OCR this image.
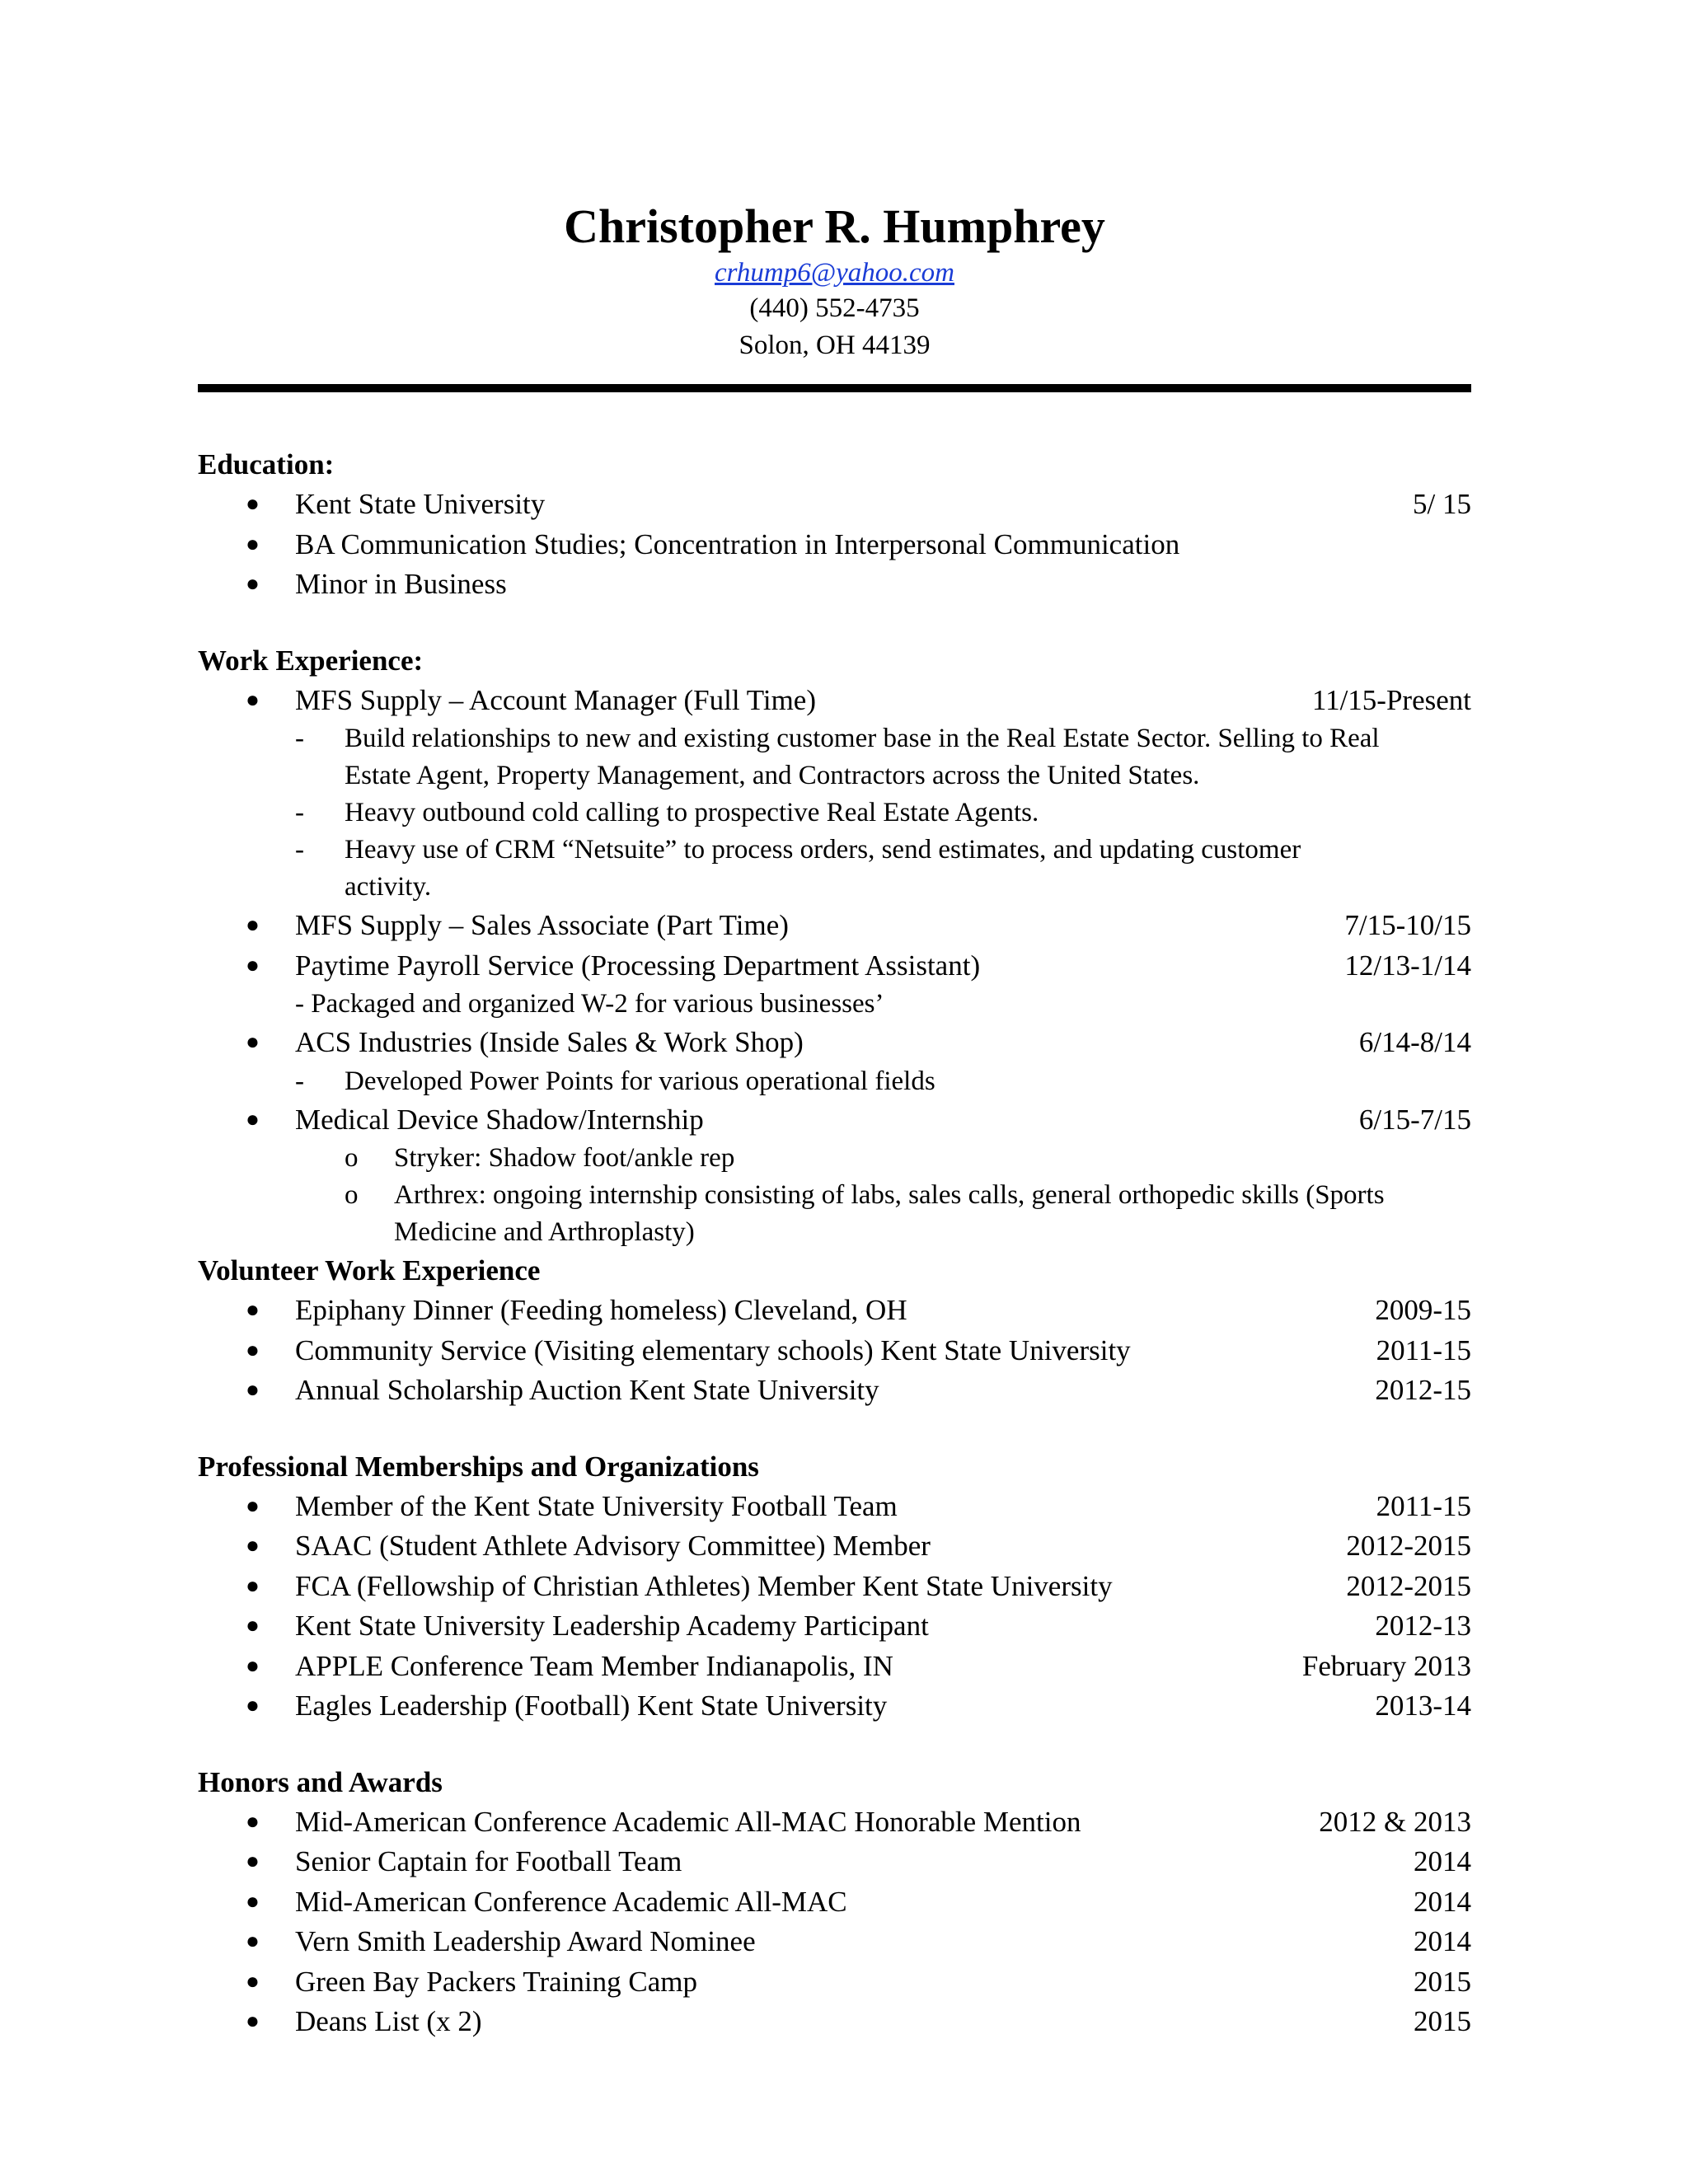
Christopher R. Humphrey
crhump6@yahoo.com
(440) 552-4735
Solon, OH 44139
Education:
● Kent State University	5/ 15
● BA Communication Studies; Concentration in Interpersonal Communication
● Minor in Business
Work Experience:
● MFS Supply – Account Manager (Full Time)	11/15-Present
- Build relationships to new and existing customer base in the Real Estate Sector. Selling to Real Estate Agent, Property Management, and Contractors across the United States.
- Heavy outbound cold calling to prospective Real Estate Agents.
- Heavy use of CRM “Netsuite” to process orders, send estimates, and updating customer activity.
● MFS Supply – Sales Associate (Part Time)	7/15-10/15
● Paytime Payroll Service (Processing Department Assistant)	12/13-1/14
- Packaged and organized W-2 for various businesses’
● ACS Industries (Inside Sales & Work Shop)	6/14-8/14
- Developed Power Points for various operational fields
● Medical Device Shadow/Internship	6/15-7/15
o Stryker: Shadow foot/ankle rep
o Arthrex: ongoing internship consisting of labs, sales calls, general orthopedic skills (Sports Medicine and Arthroplasty)
Volunteer Work Experience
● Epiphany Dinner (Feeding homeless) Cleveland, OH	2009-15
● Community Service (Visiting elementary schools) Kent State University	2011-15
● Annual Scholarship Auction Kent State University	2012-15
Professional Memberships and Organizations
● Member of the Kent State University Football Team	2011-15
● SAAC (Student Athlete Advisory Committee) Member	2012-2015
● FCA (Fellowship of Christian Athletes) Member Kent State University	2012-2015
● Kent State University Leadership Academy Participant	2012-13
● APPLE Conference Team Member Indianapolis, IN	February 2013
● Eagles Leadership (Football) Kent State University	2013-14
Honors and Awards
● Mid-American Conference Academic All-MAC Honorable Mention	2012 & 2013
● Senior Captain for Football Team	2014
● Mid-American Conference Academic All-MAC	2014
● Vern Smith Leadership Award Nominee	2014
● Green Bay Packers Training Camp	2015
● Deans List (x 2)	2015
